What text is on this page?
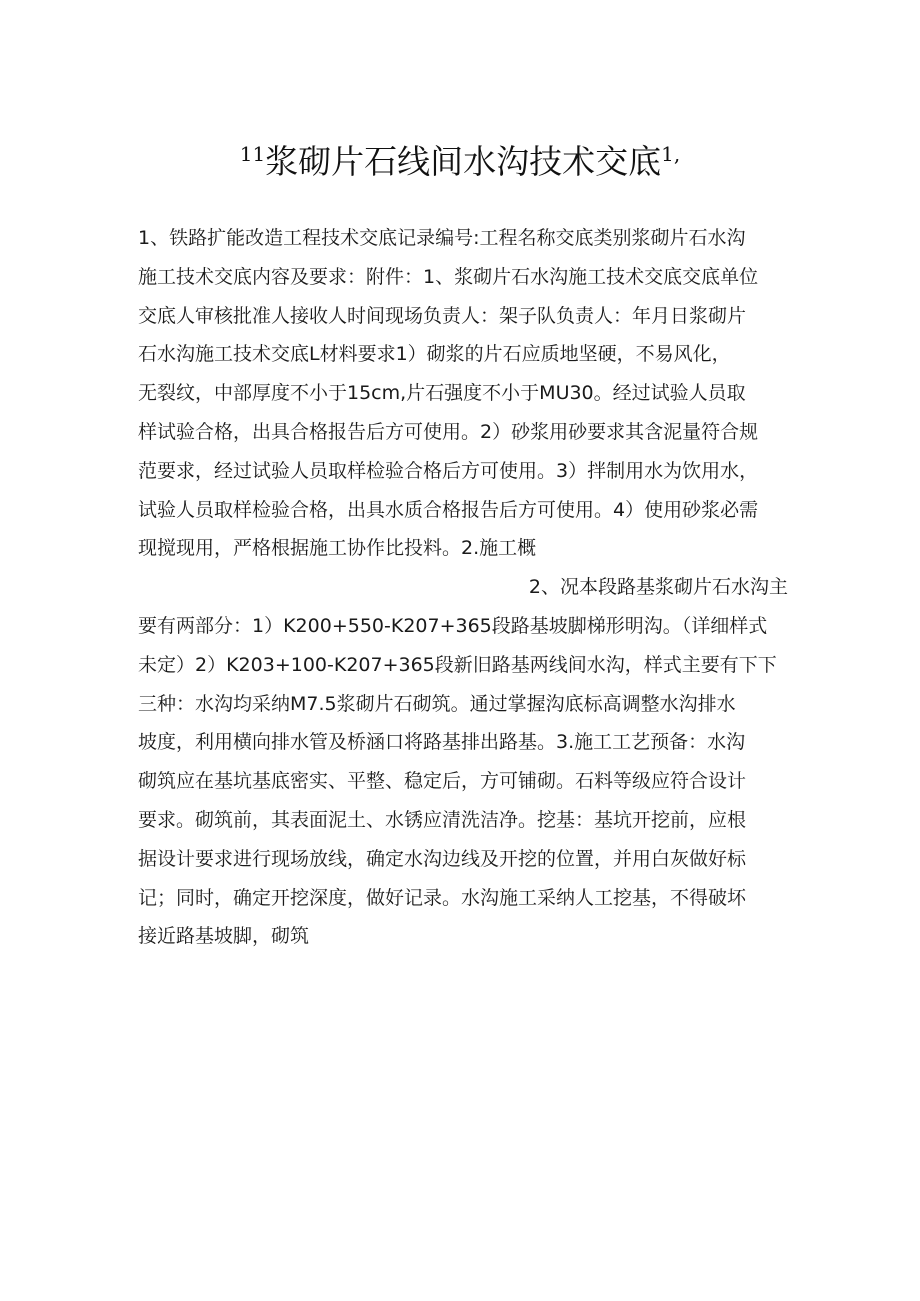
$^{11}$浆砌片石线间水沟技术交底$^{1,}$
1、铁路扩能改造工程技术交底记录编号:工程名称交底类别浆砌片石水沟
施工技术交底内容及要求：附件：1、浆砌片石水沟施工技术交底交底单位
交底人审核批准人接收人时间现场负责人：架子队负责人：年月日浆砌片
石水沟施工技术交底L材料要求1）砌浆的片石应质地坚硬，不易风化，
无裂纹，中部厚度不小于15cm,片石强度不小于MU30。经过试验人员取
样试验合格，出具合格报告后方可使用。2）砂浆用砂要求其含泥量符合规
范要求，经过试验人员取样检验合格后方可使用。3）拌制用水为饮用水，
试验人员取样检验合格，出具水质合格报告后方可使用。4）使用砂浆必需
现搅现用，严格根据施工协作比投料。2.施工概
2、况本段路基浆砌片石水沟主
要有两部分：1）K200+550-K207+365段路基坡脚梯形明沟。（详细样式
未定）2）K203+100-K207+365段新旧路基两线间水沟，样式主要有下下
三种：水沟均采纳M7.5浆砌片石砌筑。通过掌握沟底标高调整水沟排水
坡度，利用横向排水管及桥涵口将路基排出路基。3.施工工艺预备：水沟
砌筑应在基坑基底密实、平整、稳定后，方可铺砌。石料等级应符合设计
要求。砌筑前，其表面泥土、水锈应清洗洁净。挖基：基坑开挖前，应根
据设计要求进行现场放线，确定水沟边线及开挖的位置，并用白灰做好标
记；同时，确定开挖深度，做好记录。水沟施工采纳人工挖基，不得破坏
接近路基坡脚，砌筑
